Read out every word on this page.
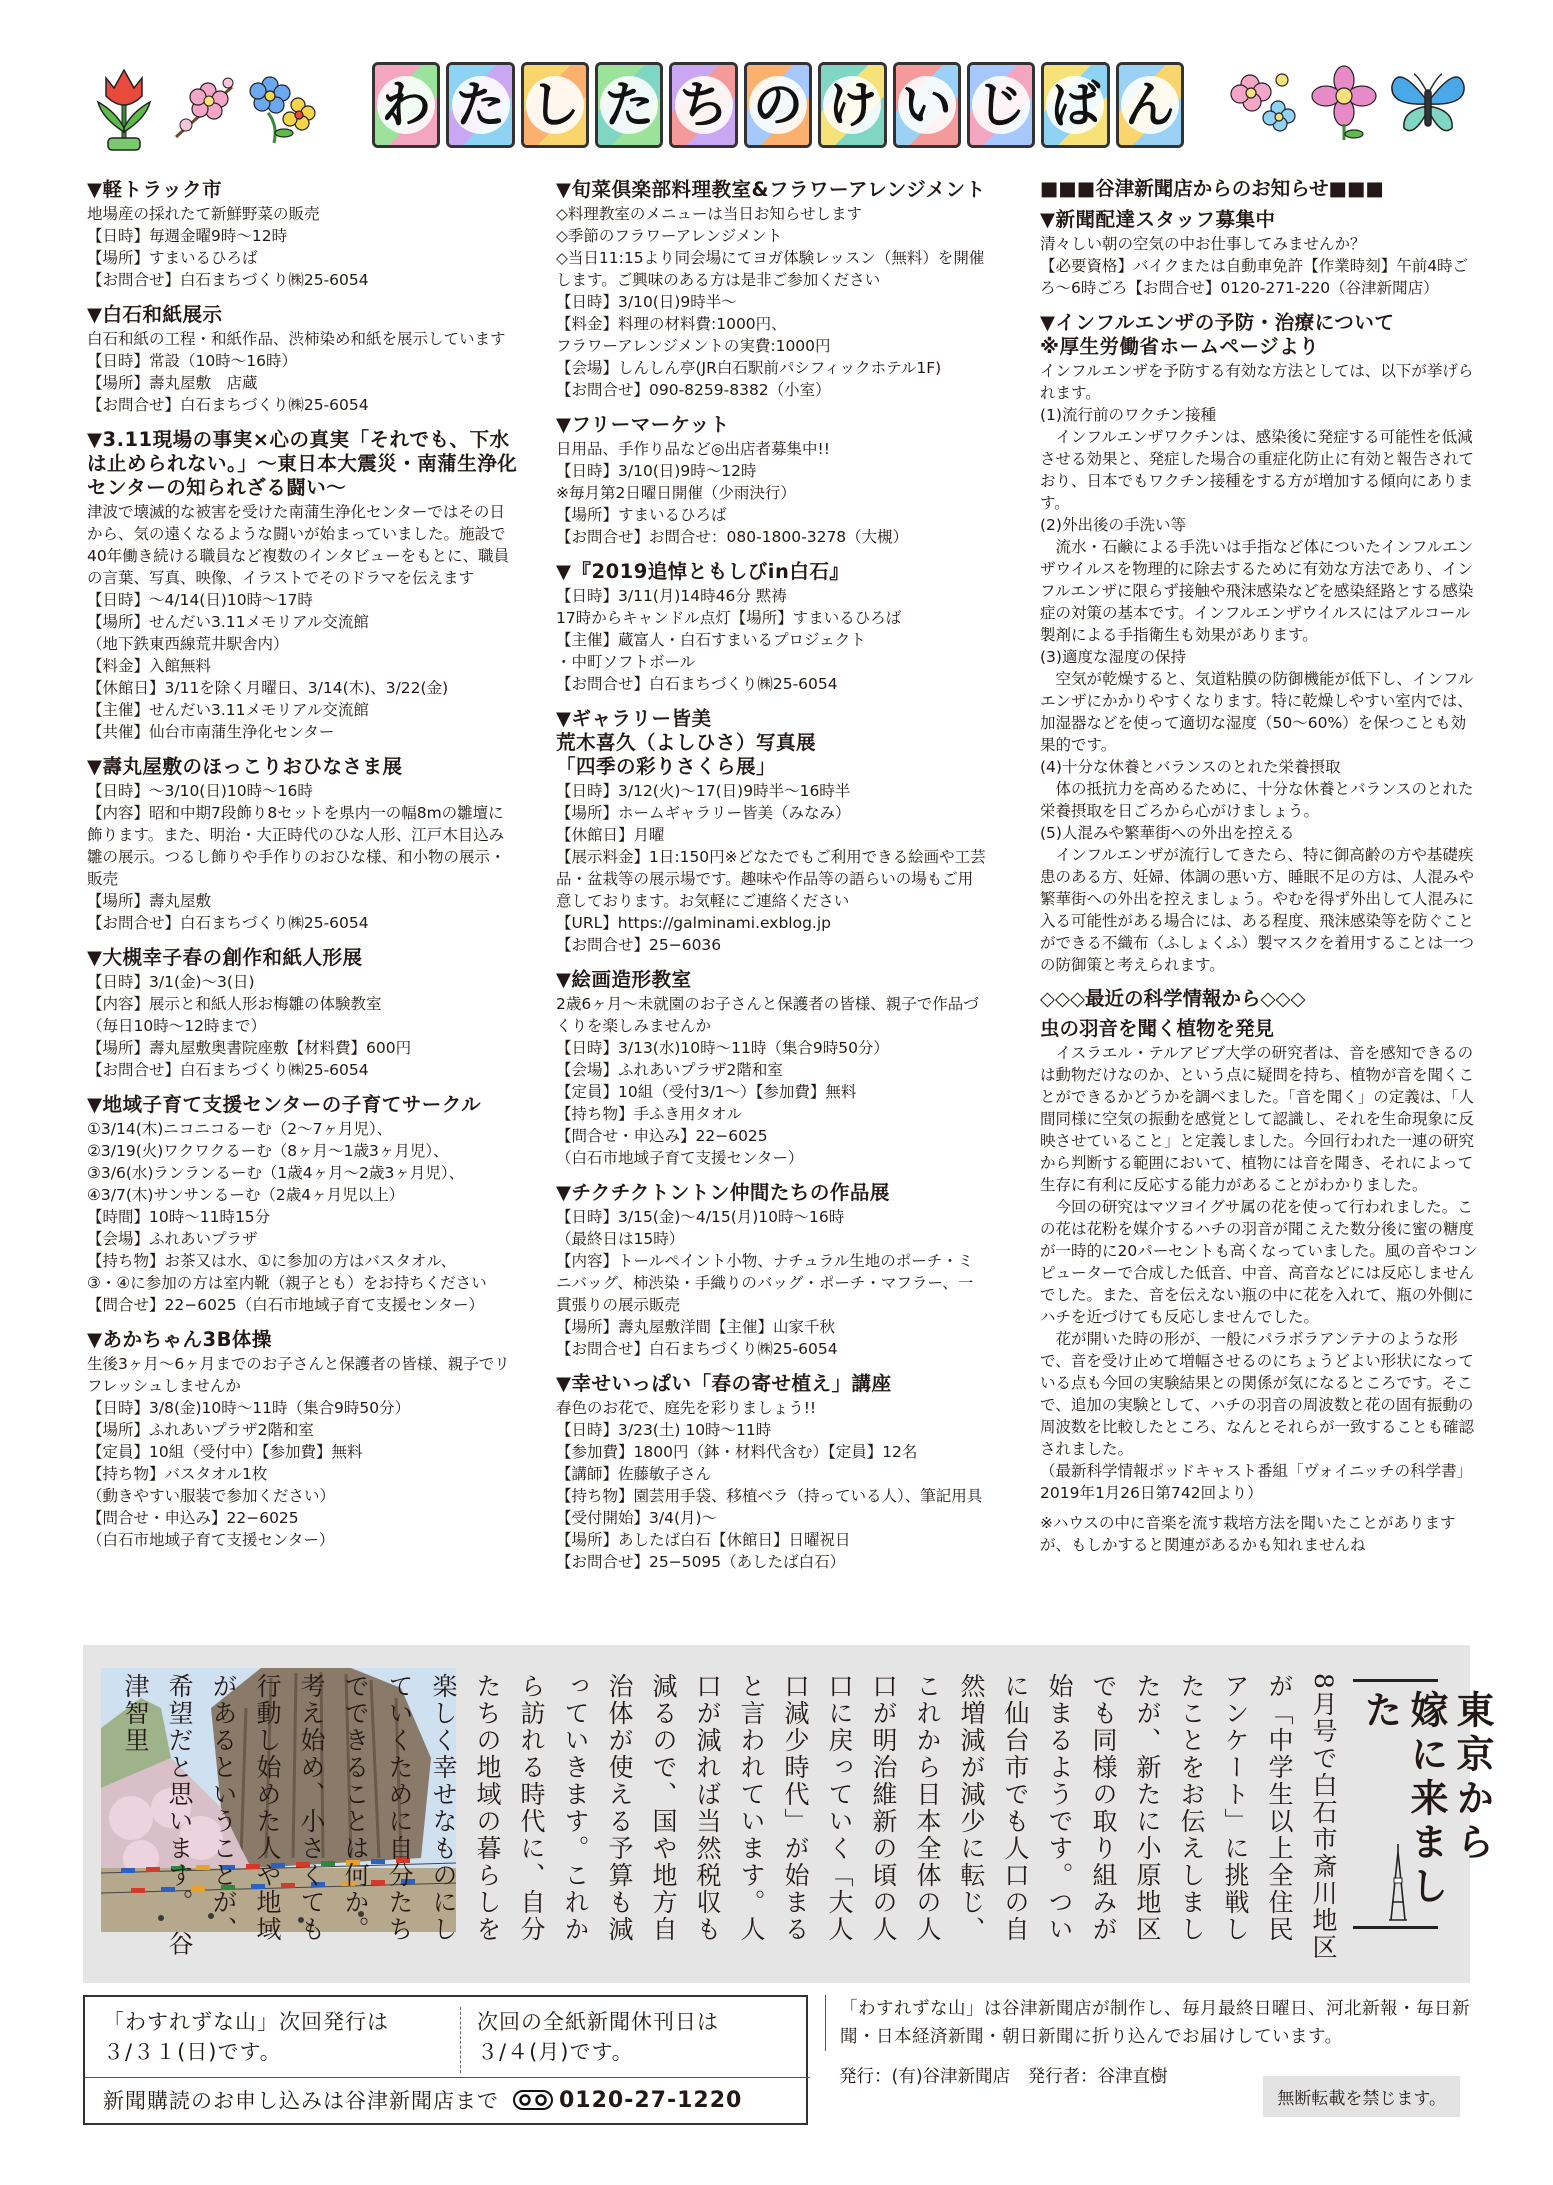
わ た し た ち の け い じ ば ん
▼軽トラック市

地場産の採れたて新鮮野菜の販売
【日時】毎週金曜9時〜12時
【場所】すまいるひろば
【お問合せ】白石まちづくり㈱25-6054

▼白石和紙展示

白石和紙の工程・和紙作品、渋柿染め和紙を展示しています
【日時】常設（10時〜16時）
【場所】壽丸屋敷　店蔵
【お問合せ】白石まちづくり㈱25-6054

▼3.11現場の事実×心の真実「それでも、下水は止められない。」〜東日本大震災・南蒲生浄化センターの知られざる闘い〜

津波で壊滅的な被害を受けた南蒲生浄化センターではその日から、気の遠くなるような闘いが始まっていました。施設で40年働き続ける職員など複数のインタビューをもとに、職員の言葉、写真、映像、イラストでそのドラマを伝えます
【日時】〜4/14(日)10時〜17時
【場所】せんだい3.11メモリアル交流館
（地下鉄東西線荒井駅舎内）
【料金】入館無料
【休館日】3/11を除く月曜日、3/14(木)、3/22(金)
【主催】せんだい3.11メモリアル交流館
【共催】仙台市南蒲生浄化センター

▼壽丸屋敷のほっこりおひなさま展

【日時】〜3/10(日)10時〜16時
【内容】昭和中期7段飾り8セットを県内一の幅8mの雛壇に飾ります。また、明治・大正時代のひな人形、江戸木目込み雛の展示。つるし飾りや手作りのおひな様、和小物の展示・販売
【場所】壽丸屋敷
【お問合せ】白石まちづくり㈱25-6054

▼大槻幸子春の創作和紙人形展

【日時】3/1(金)〜3(日)
【内容】展示と和紙人形お梅雛の体験教室
（毎日10時〜12時まで）
【場所】壽丸屋敷奥書院座敷【材料費】600円
【お問合せ】白石まちづくり㈱25-6054

▼地域子育て支援センターの子育てサークル

①3/14(木)ニコニコるーむ（2〜7ヶ月児）、
②3/19(火)ワクワクるーむ（8ヶ月〜1歳3ヶ月児）、
③3/6(水)ランランるーむ（1歳4ヶ月〜2歳3ヶ月児）、
④3/7(木)サンサンるーむ（2歳4ヶ月児以上）
【時間】10時〜11時15分
【会場】ふれあいプラザ
【持ち物】お茶又は水、①に参加の方はバスタオル、
③・④に参加の方は室内靴（親子とも）をお持ちください
【問合せ】22−6025（白石市地域子育て支援センター）

▼あかちゃん3B体操

生後3ヶ月〜6ヶ月までのお子さんと保護者の皆様、親子でリフレッシュしませんか
【日時】3/8(金)10時〜11時（集合9時50分）
【場所】ふれあいプラザ2階和室
【定員】10組（受付中）【参加費】無料
【持ち物】バスタオル1枚
（動きやすい服装で参加ください）
【問合せ・申込み】22−6025
（白石市地域子育て支援センター）

▼旬菜倶楽部料理教室&フラワーアレンジメント

◇料理教室のメニューは当日お知らせします
◇季節のフラワーアレンジメント
◇当日11:15より同会場にてヨガ体験レッスン（無料）を開催します。ご興味のある方は是非ご参加ください
【日時】3/10(日)9時半〜
【料金】料理の材料費:1000円、
フラワーアレンジメントの実費:1000円
【会場】しんしん亭(JR白石駅前パシフィックホテル1F)
【お問合せ】090-8259-8382（小室）

▼フリーマーケット

日用品、手作り品など◎出店者募集中!!
【日時】3/10(日)9時〜12時
※毎月第2日曜日開催（少雨決行）
【場所】すまいるひろば
【お問合せ】お問合せ：080-1800-3278（大槻）

▼『2019追悼ともしびin白石』

【日時】3/11(月)14時46分 黙祷
17時からキャンドル点灯【場所】すまいるひろば
【主催】蔵富人・白石すまいるプロジェクト
・中町ソフトボール
【お問合せ】白石まちづくり㈱25-6054

▼ギャラリー皆美
荒木喜久（よしひさ）写真展
「四季の彩りさくら展」

【日時】3/12(火)〜17(日)9時半〜16時半
【場所】ホームギャラリー皆美（みなみ）
【休館日】月曜
【展示料金】1日:150円※どなたでもご利用できる絵画や工芸品・盆栽等の展示場です。趣味や作品等の語らいの場もご用意しております。お気軽にご連絡ください
【URL】https://galminami.exblog.jp
【お問合せ】25−6036

▼絵画造形教室

2歳6ヶ月〜未就園のお子さんと保護者の皆様、親子で作品づくりを楽しみませんか
【日時】3/13(水)10時〜11時（集合9時50分）
【会場】ふれあいプラザ2階和室
【定員】10組（受付3/1〜）【参加費】無料
【持ち物】手ふき用タオル
【問合せ・申込み】22−6025
（白石市地域子育て支援センター）

▼チクチクトントン仲間たちの作品展

【日時】3/15(金)〜4/15(月)10時〜16時
（最終日は15時）
【内容】トールペイント小物、ナチュラル生地のポーチ・ミニバッグ、柿渋染・手織りのバッグ・ポーチ・マフラー、一貫張りの展示販売
【場所】壽丸屋敷洋間【主催】山家千秋
【お問合せ】白石まちづくり㈱25-6054

▼幸せいっぱい「春の寄せ植え」講座

春色のお花で、庭先を彩りましょう!!
【日時】3/23(土) 10時〜11時
【参加費】1800円（鉢・材料代含む）【定員】12名
【講師】佐藤敏子さん
【持ち物】園芸用手袋、移植ベラ（持っている人）、筆記用具
【受付開始】3/4(月)〜
【場所】あしたば白石【休館日】日曜祝日
【お問合せ】25−5095（あしたば白石）

■■■谷津新聞店からのお知らせ■■■
▼新聞配達スタッフ募集中

清々しい朝の空気の中お仕事してみませんか？
【必要資格】バイクまたは自動車免許【作業時刻】午前4時ごろ〜6時ごろ【お問合せ】0120-271-220（谷津新聞店）

▼インフルエンザの予防・治療について
※厚生労働省ホームページより

インフルエンザを予防する有効な方法としては、以下が挙げられます。
(1)流行前のワクチン接種
　インフルエンザワクチンは、感染後に発症する可能性を低減させる効果と、発症した場合の重症化防止に有効と報告されており、日本でもワクチン接種をする方が増加する傾向にあります。
(2)外出後の手洗い等
　流水・石鹸による手洗いは手指など体についたインフルエンザウイルスを物理的に除去するために有効な方法であり、インフルエンザに限らず接触や飛沫感染などを感染経路とする感染症の対策の基本です。インフルエンザウイルスにはアルコール製剤による手指衛生も効果があります。
(3)適度な湿度の保持
　空気が乾燥すると、気道粘膜の防御機能が低下し、インフルエンザにかかりやすくなります。特に乾燥しやすい室内では、加湿器などを使って適切な湿度（50〜60%）を保つことも効果的です。
(4)十分な休養とバランスのとれた栄養摂取
　体の抵抗力を高めるために、十分な休養とバランスのとれた栄養摂取を日ごろから心がけましょう。
(5)人混みや繁華街への外出を控える
　インフルエンザが流行してきたら、特に御高齢の方や基礎疾患のある方、妊婦、体調の悪い方、睡眠不足の方は、人混みや繁華街への外出を控えましょう。やむを得ず外出して人混みに入る可能性がある場合には、ある程度、飛沫感染等を防ぐことができる不織布（ふしょくふ）製マスクを着用することは一つの防御策と考えられます。

◇◇◇最近の科学情報から◇◇◇
虫の羽音を聞く植物を発見

　イスラエル・テルアビブ大学の研究者は、音を感知できるのは動物だけなのか、という点に疑問を持ち、植物が音を聞くことができるかどうかを調べました。「音を聞く」の定義は、「人間同様に空気の振動を感覚として認識し、それを生命現象に反映させていること」と定義しました。今回行われた一連の研究から判断する範囲において、植物には音を聞き、それによって生存に有利に反応する能力があることがわかりました。
　今回の研究はマツヨイグサ属の花を使って行われました。この花は花粉を媒介するハチの羽音が聞こえた数分後に蜜の糖度が一時的に20パーセントも高くなっていました。風の音やコンピューターで合成した低音、中音、高音などには反応しませんでした。また、音を伝えない瓶の中に花を入れて、瓶の外側にハチを近づけても反応しませんでした。
　花が開いた時の形が、一般にパラボラアンテナのような形で、音を受け止めて増幅させるのにちょうどよい形状になっている点も今回の実験結果との関係が気になるところです。そこで、追加の実験として、ハチの羽音の周波数と花の固有振動の周波数を比較したところ、なんとそれらが一致することも確認されました。
（最新科学情報ポッドキャスト番組「ヴォイニッチの科学書」2019年1月26日第742回より）

※ハウスの中に音楽を流す栽培方法を聞いたことがありますが、もしかすると関連があるかも知れませんね

8月号で白石市斎川地区が「中学生以上全住民アンケート」に挑戦したことをお伝えしましたが、新たに小原地区でも同様の取り組みが始まるようです。ついに仙台市でも人口の自然増減が減少に転じ、これから日本全体の人口が明治維新の頃の人口に戻っていく「大人口減少時代」が始まると言われています。人口が減れば当然税収も減るので、国や地方自治体が使える予算も減っていきます。これから訪れる時代に、自分たちの地域の暮らしを楽しく幸せなものにしていくために自分たちでできることは何か。考え始め、小さくても行動し始めた人や地域があるということが、希望だと思います。　谷津智里	東京から
嫁に来ました
「わすれずな山」次回発行は
３/３１(日)です。
次回の全紙新聞休刊日は
３/４(月)です。
新聞購読のお申し込みは谷津新聞店まで	0120-27-1220
「わすれずな山」は谷津新聞店が制作し、毎月最終日曜日、河北新報・毎日新聞・日本経済新聞・朝日新聞に折り込んでお届けしています。
発行：(有)谷津新聞店　発行者：谷津直樹
無断転載を禁じます。
